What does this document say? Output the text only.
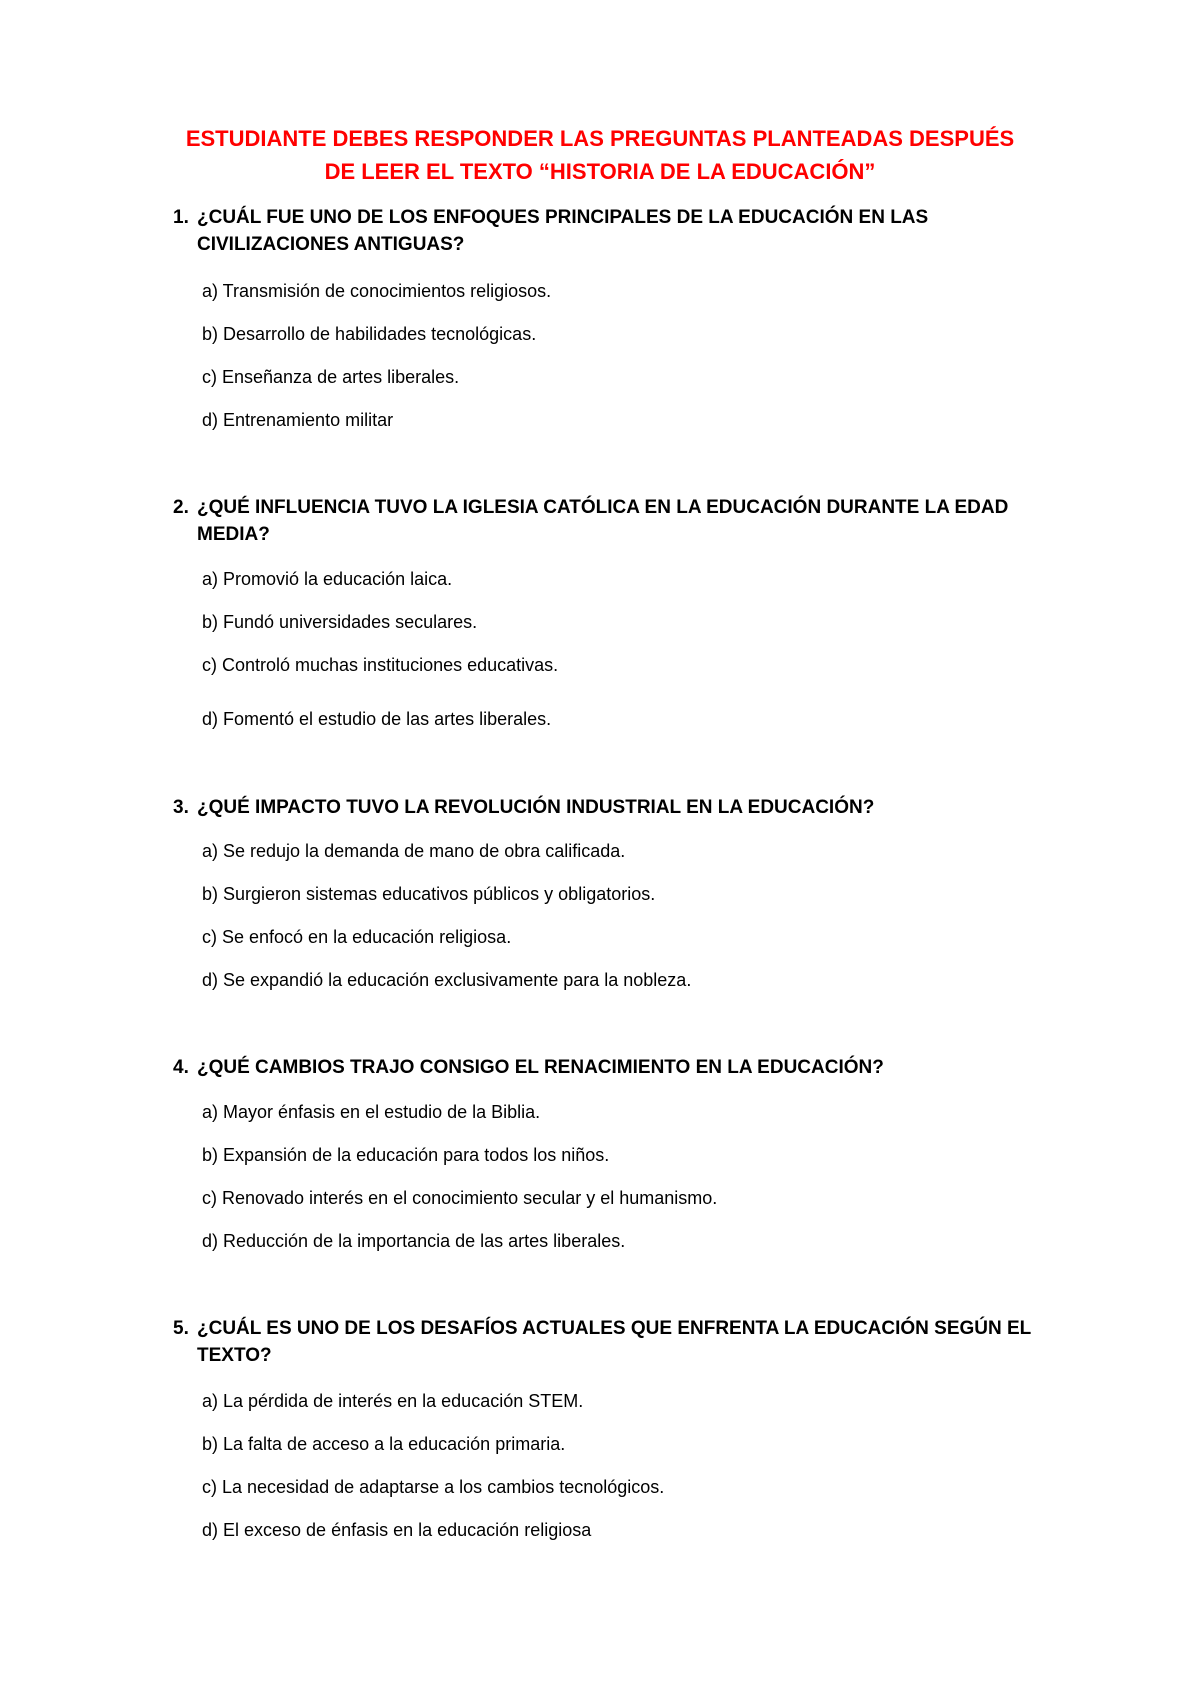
ESTUDIANTE DEBES RESPONDER LAS PREGUNTAS PLANTEADAS DESPUÉS
DE LEER EL TEXTO “HISTORIA DE LA EDUCACIÓN”
1. ¿CUÁL FUE UNO DE LOS ENFOQUES PRINCIPALES DE LA EDUCACIÓN EN LAS CIVILIZACIONES ANTIGUAS?
a) Transmisión de conocimientos religiosos.
b) Desarrollo de habilidades tecnológicas.
c) Enseñanza de artes liberales.
d) Entrenamiento militar
2. ¿QUÉ INFLUENCIA TUVO LA IGLESIA CATÓLICA EN LA EDUCACIÓN DURANTE LA EDAD MEDIA?
a) Promovió la educación laica.
b) Fundó universidades seculares.
c) Controló muchas instituciones educativas.
d) Fomentó el estudio de las artes liberales.
3. ¿QUÉ IMPACTO TUVO LA REVOLUCIÓN INDUSTRIAL EN LA EDUCACIÓN?
a) Se redujo la demanda de mano de obra calificada.
b) Surgieron sistemas educativos públicos y obligatorios.
c) Se enfocó en la educación religiosa.
d) Se expandió la educación exclusivamente para la nobleza.
4. ¿QUÉ CAMBIOS TRAJO CONSIGO EL RENACIMIENTO EN LA EDUCACIÓN?
a) Mayor énfasis en el estudio de la Biblia.
b) Expansión de la educación para todos los niños.
c) Renovado interés en el conocimiento secular y el humanismo.
d) Reducción de la importancia de las artes liberales.
5. ¿CUÁL ES UNO DE LOS DESAFÍOS ACTUALES QUE ENFRENTA LA EDUCACIÓN SEGÚN EL TEXTO?
a) La pérdida de interés en la educación STEM.
b) La falta de acceso a la educación primaria.
c) La necesidad de adaptarse a los cambios tecnológicos.
d) El exceso de énfasis en la educación religiosa
